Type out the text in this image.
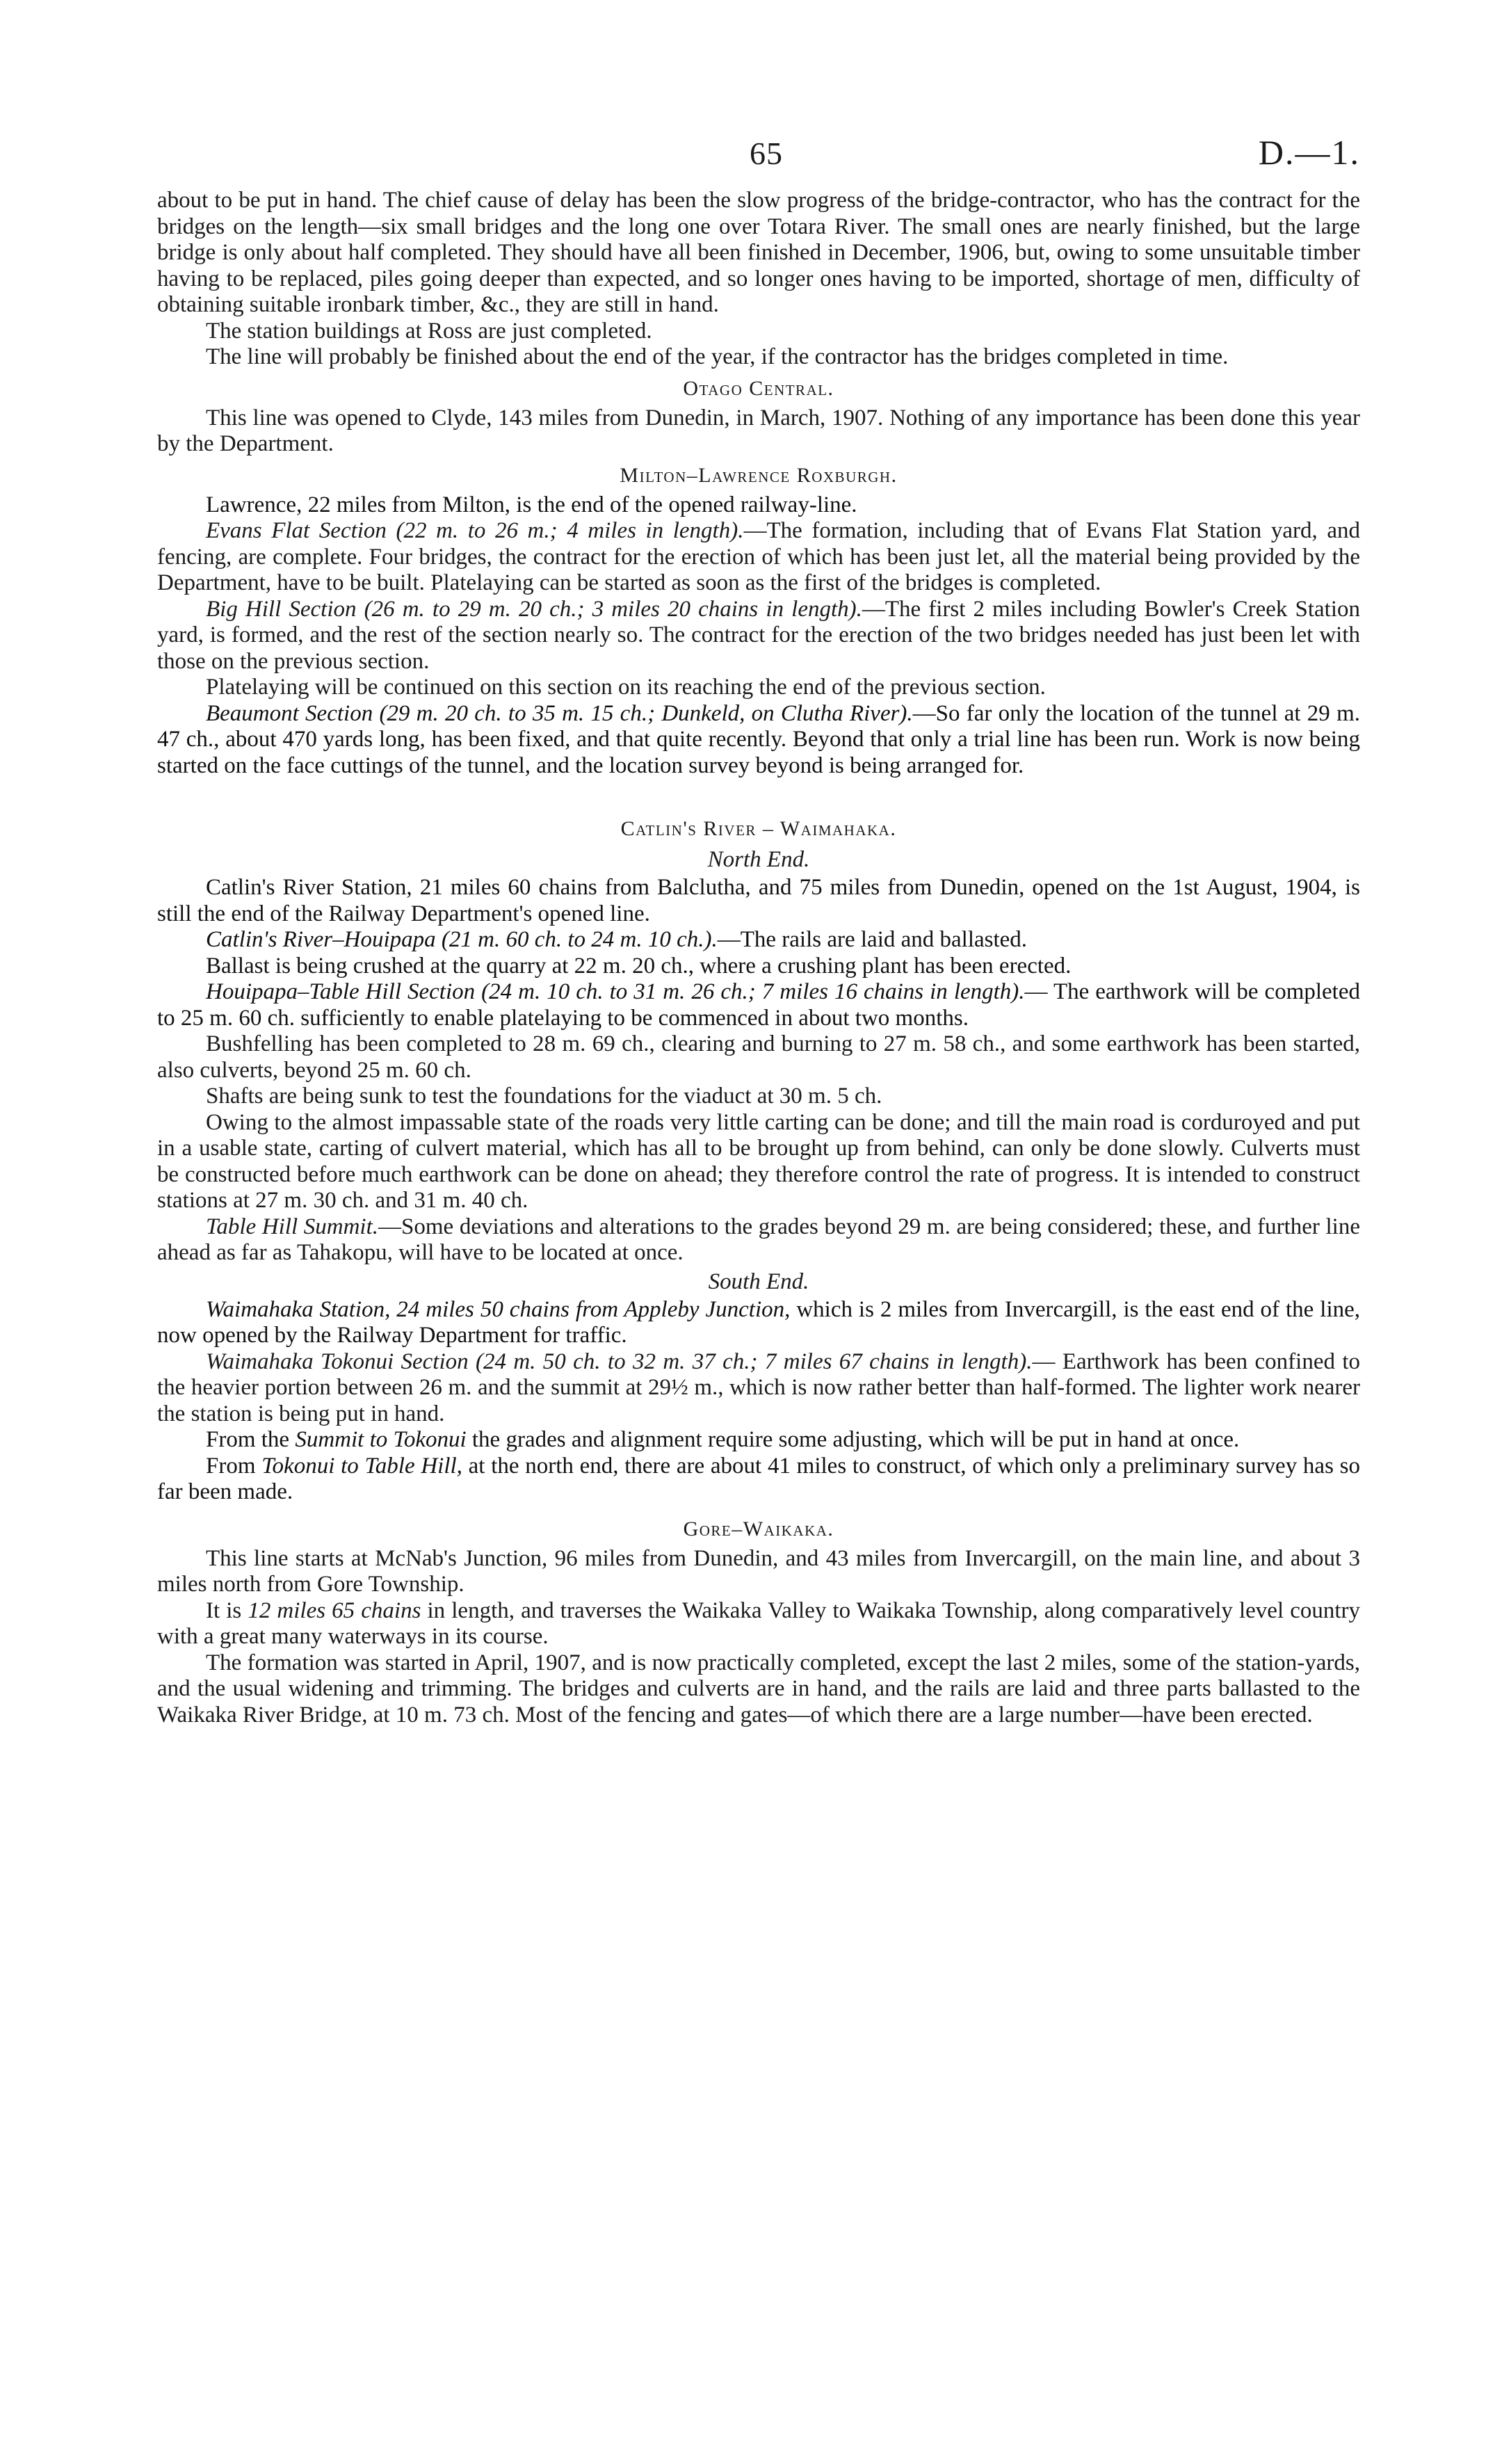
65	D.—1.

about to be put in hand. The chief cause of delay has been the slow progress of the bridge-contractor, who has the contract for the bridges on the length—six small bridges and the long one over Totara River. The small ones are nearly finished, but the large bridge is only about half completed. They should have all been finished in December, 1906, but, owing to some unsuitable timber having to be replaced, piles going deeper than expected, and so longer ones having to be imported, shortage of men, difficulty of obtaining suitable ironbark timber, &c., they are still in hand.

The station buildings at Ross are just completed.

The line will probably be finished about the end of the year, if the contractor has the bridges completed in time.

Otago Central.

This line was opened to Clyde, 143 miles from Dunedin, in March, 1907. Nothing of any importance has been done this year by the Department.

Milton–Lawrence Roxburgh.

Lawrence, 22 miles from Milton, is the end of the opened railway-line.

Evans Flat Section (22 m. to 26 m.; 4 miles in length).—The formation, including that of Evans Flat Station yard, and fencing, are complete. Four bridges, the contract for the erection of which has been just let, all the material being provided by the Department, have to be built. Platelaying can be started as soon as the first of the bridges is completed.

Big Hill Section (26 m. to 29 m. 20 ch.; 3 miles 20 chains in length).—The first 2 miles including Bowler's Creek Station yard, is formed, and the rest of the section nearly so. The contract for the erection of the two bridges needed has just been let with those on the previous section.

Platelaying will be continued on this section on its reaching the end of the previous section.

Beaumont Section (29 m. 20 ch. to 35 m. 15 ch.; Dunkeld, on Clutha River).—So far only the location of the tunnel at 29 m. 47 ch., about 470 yards long, has been fixed, and that quite recently. Beyond that only a trial line has been run. Work is now being started on the face cuttings of the tunnel, and the location survey beyond is being arranged for.

Catlin's River – Waimahaka.
North End.

Catlin's River Station, 21 miles 60 chains from Balclutha, and 75 miles from Dunedin, opened on the 1st August, 1904, is still the end of the Railway Department's opened line.

Catlin's River–Houipapa (21 m. 60 ch. to 24 m. 10 ch.).—The rails are laid and ballasted.

Ballast is being crushed at the quarry at 22 m. 20 ch., where a crushing plant has been erected.

Houipapa–Table Hill Section (24 m. 10 ch. to 31 m. 26 ch.; 7 miles 16 chains in length).— The earthwork will be completed to 25 m. 60 ch. sufficiently to enable platelaying to be commenced in about two months.

Bushfelling has been completed to 28 m. 69 ch., clearing and burning to 27 m. 58 ch., and some earthwork has been started, also culverts, beyond 25 m. 60 ch.

Shafts are being sunk to test the foundations for the viaduct at 30 m. 5 ch.

Owing to the almost impassable state of the roads very little carting can be done; and till the main road is corduroyed and put in a usable state, carting of culvert material, which has all to be brought up from behind, can only be done slowly. Culverts must be constructed before much earthwork can be done on ahead; they therefore control the rate of progress. It is intended to construct stations at 27 m. 30 ch. and 31 m. 40 ch.

Table Hill Summit.—Some deviations and alterations to the grades beyond 29 m. are being considered; these, and further line ahead as far as Tahakopu, will have to be located at once.

South End.

Waimahaka Station, 24 miles 50 chains from Appleby Junction, which is 2 miles from Invercargill, is the east end of the line, now opened by the Railway Department for traffic.

Waimahaka Tokonui Section (24 m. 50 ch. to 32 m. 37 ch.; 7 miles 67 chains in length).— Earthwork has been confined to the heavier portion between 26 m. and the summit at 29½ m., which is now rather better than half-formed. The lighter work nearer the station is being put in hand.

From the Summit to Tokonui the grades and alignment require some adjusting, which will be put in hand at once.

From Tokonui to Table Hill, at the north end, there are about 41 miles to construct, of which only a preliminary survey has so far been made.

Gore–Waikaka.

This line starts at McNab's Junction, 96 miles from Dunedin, and 43 miles from Invercargill, on the main line, and about 3 miles north from Gore Township.

It is 12 miles 65 chains in length, and traverses the Waikaka Valley to Waikaka Township, along comparatively level country with a great many waterways in its course.

The formation was started in April, 1907, and is now practically completed, except the last 2 miles, some of the station-yards, and the usual widening and trimming. The bridges and culverts are in hand, and the rails are laid and three parts ballasted to the Waikaka River Bridge, at 10 m. 73 ch. Most of the fencing and gates—of which there are a large number—have been erected.
